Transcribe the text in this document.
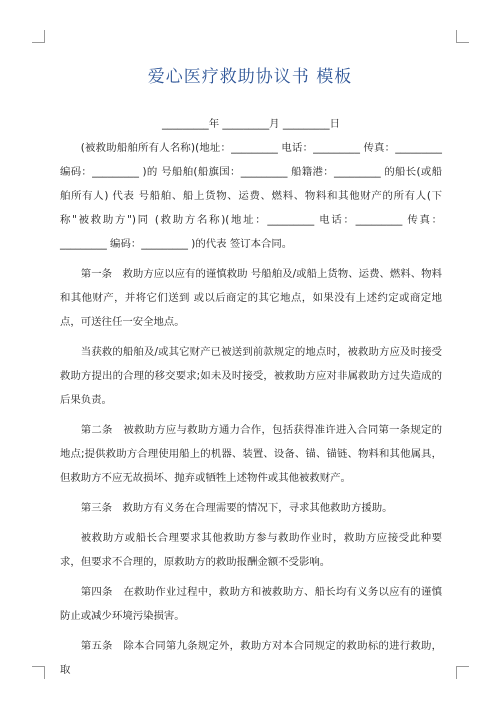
爱心医疗救助协议书 模板
_________年 _________月 _________日

(被救助船舶所有人名称)(地址：_________ 电话：_________ 传真：_________ 编码：_________ )的 号船舶(船旗国：_________ 船籍港：_________ 的船长(或船舶所有人) 代表 号船舶、船上货物、运费、燃料、物料和其他财产的所有人(下称"被救助方")同 (救助方名称)(地址：_________ 电话：_________ 传真：_________ 编码：_________ )的代表 签订本合同。

第一条　救助方应以应有的谨慎救助 号船舶及/或船上货物、运费、燃料、物料和其他财产，并将它们送到 或以后商定的其它地点，如果没有上述约定或商定地点，可送往任一安全地点。

当获救的船舶及/或其它财产已被送到前款规定的地点时，被救助方应及时接受救助方提出的合理的移交要求;如未及时接受，被救助方应对非属救助方过失造成的后果负责。

第二条　被救助方应与救助方通力合作，包括获得准许进入合同第一条规定的地点;提供救助方合理使用船上的机器、装置、设备、锚、锚链、物料和其他属具，但救助方不应无故损坏、抛弃或牺牲上述物件或其他被救财产。

第三条　救助方有义务在合理需要的情况下，寻求其他救助方援助。

被救助方或船长合理要求其他救助方参与救助作业时，救助方应接受此种要求，但要求不合理的，原救助方的救助报酬金额不受影响。

第四条　在救助作业过程中，救助方和被救助方、船长均有义务以应有的谨慎防止或减少环境污染损害。

第五条　除本合同第九条规定外，救助方对本合同规定的救助标的进行救助，取
